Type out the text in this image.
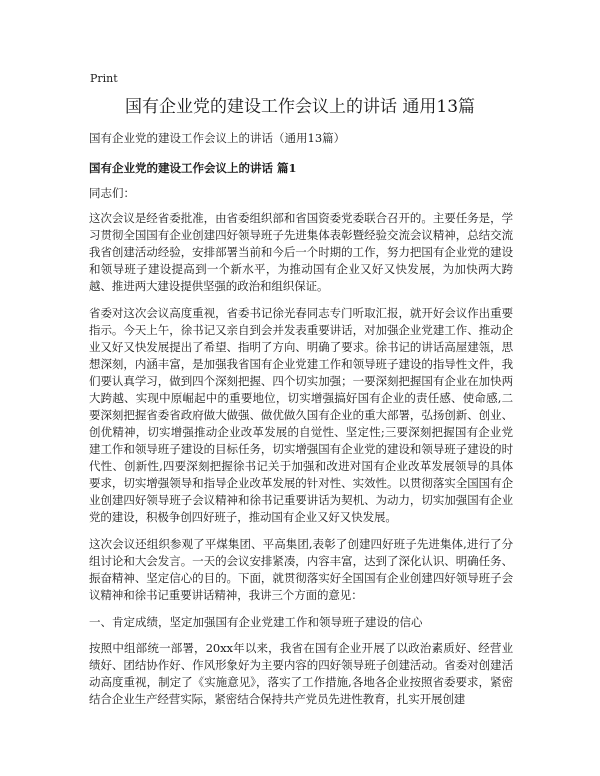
Print
国有企业党的建设工作会议上的讲话 通用13篇

国有企业党的建设工作会议上的讲话（通用13篇）

国有企业党的建设工作会议上的讲话 篇1

同志们：

这次会议是经省委批准，由省委组织部和省国资委党委联合召开的。主要任务是，学习贯彻全国国有企业创建四好领导班子先进集体表彰暨经验交流会议精神，总结交流我省创建活动经验，安排部署当前和今后一个时期的工作，努力把国有企业党的建设和领导班子建设提高到一个新水平，为推动国有企业又好又快发展，为加快两大跨越、推进两大建设提供坚强的政治和组织保证。

省委对这次会议高度重视，省委书记徐光春同志专门听取汇报，就开好会议作出重要指示。今天上午，徐书记又亲自到会并发表重要讲话，对加强企业党建工作、推动企业又好又快发展提出了希望、指明了方向、明确了要求。徐书记的讲话高屋建瓴，思想深刻，内涵丰富，是加强我省国有企业党建工作和领导班子建设的指导性文件，我们要认真学习，做到四个深刻把握、四个切实加强；一要深刻把握国有企业在加快两大跨越、实现中原崛起中的重要地位，切实增强搞好国有企业的责任感、使命感,二要深刻把握省委省政府做大做强、做优做久国有企业的重大部署，弘扬创新、创业、创优精神，切实增强推动企业改革发展的自觉性、坚定性;三要深刻把握国有企业党建工作和领导班子建设的目标任务，切实增强国有企业党的建设和领导班子建设的时代性、创新性,四要深刻把握徐书记关于加强和改进对国有企业改革发展领导的具体要求，切实增强领导和指导企业改革发展的针对性、实效性。以贯彻落实全国国有企业创建四好领导班子会议精神和徐书记重要讲话为契机、为动力，切实加强国有企业党的建设，积极争创四好班子，推动国有企业又好又快发展。

这次会议还组织参观了平煤集团、平高集团,表彰了创建四好班子先进集体,进行了分组讨论和大会发言。一天的会议安排紧凑，内容丰富，达到了深化认识、明确任务、振奋精神、坚定信心的目的。下面，就贯彻落实好全国国有企业创建四好领导班子会议精神和徐书记重要讲话精神，我讲三个方面的意见：

一、肯定成绩，坚定加强国有企业党建工作和领导班子建设的信心

按照中组部统一部署，20xx年以来，我省在国有企业开展了以政治素质好、经营业绩好、团结协作好、作风形象好为主要内容的四好领导班子创建活动。省委对创建活动高度重视，制定了《实施意见》，落实了工作措施,各地各企业按照省委要求，紧密结合企业生产经营实际，紧密结合保持共产党员先进性教育，扎实开展创建
